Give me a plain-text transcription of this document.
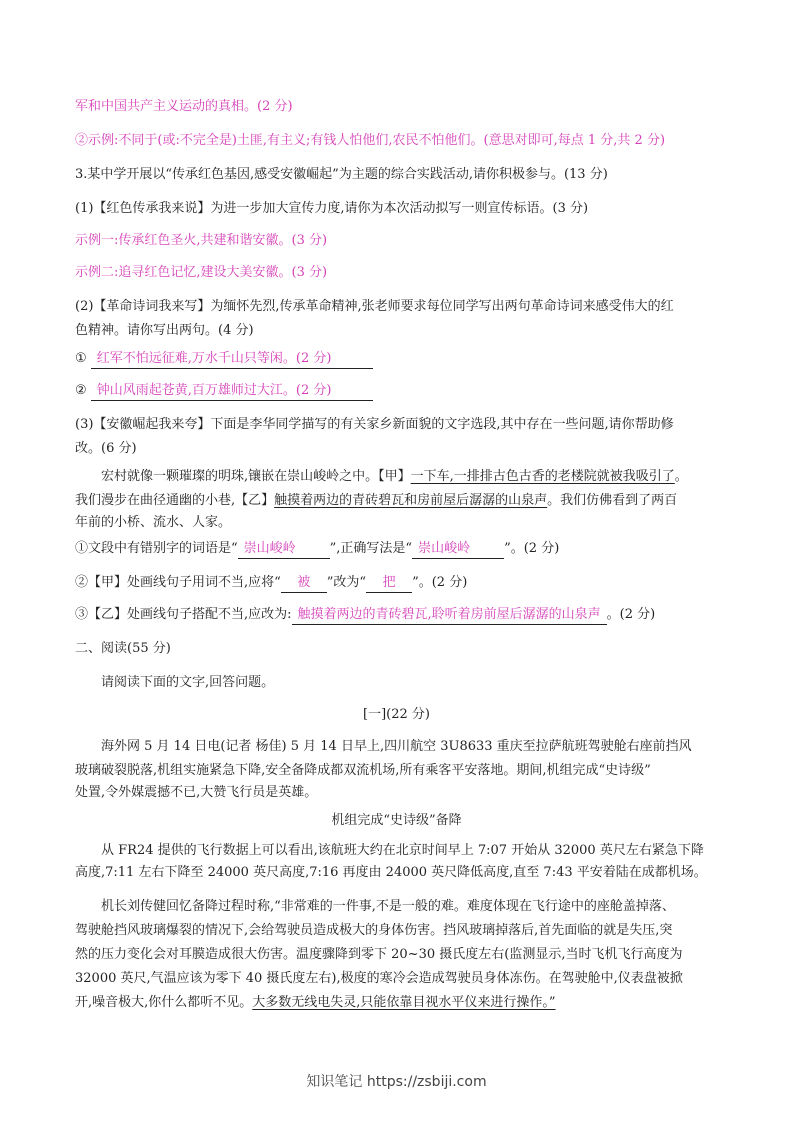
军和中国共产主义运动的真相。(2 分)
②示例:不同于(或:不完全是)土匪,有主义;有钱人怕他们,农民不怕他们。(意思对即可,每点 1 分,共 2 分)
3.某中学开展以“传承红色基因,感受安徽崛起”为主题的综合实践活动,请你积极参与。(13 分)
(1)【红色传承我来说】为进一步加大宣传力度,请你为本次活动拟写一则宣传标语。(3 分)
示例一:传承红色圣火,共建和谐安徽。(3 分)
示例二:追寻红色记忆,建设大美安徽。(3 分)
(2)【革命诗词我来写】为缅怀先烈,传承革命精神,张老师要求每位同学写出两句革命诗词来感受伟大的红
色精神。请你写出两句。(4 分)
① 红军不怕远征难,万水千山只等闲。(2 分)
② 钟山风雨起苍黄,百万雄师过大江。(2 分)
(3)【安徽崛起我来夸】下面是李华同学描写的有关家乡新面貌的文字选段,其中存在一些问题,请你帮助修
改。(6 分)
宏村就像一颗璀璨的明珠,镶嵌在崇山峻岭之中。【甲】一下车,一排排古色古香的老楼院就被我吸引了。
我们漫步在曲径通幽的小巷,【乙】触摸着两边的青砖碧瓦和房前屋后潺潺的山泉声。我们仿佛看到了两百
年前的小桥、流水、人家。
①文段中有错别字的词语是“ 崇山峻岭	”,正确写法是“ 崇山峻岭	”。(2 分)
②【甲】处画线句子用词不当,应将“ 被 ”改为“ 把 ”。(2 分)
③【乙】处画线句子搭配不当,应改为: 触摸着两边的青砖碧瓦,聆听着房前屋后潺潺的山泉声 。(2 分)
二、阅读(55 分)
请阅读下面的文字,回答问题。
[一](22 分)
海外网 5 月 14 日电(记者 杨佳) 5 月 14 日早上,四川航空 3U8633 重庆至拉萨航班驾驶舱右座前挡风
玻璃破裂脱落,机组实施紧急下降,安全备降成都双流机场,所有乘客平安落地。期间,机组完成“史诗级”
处置,令外媒震撼不已,大赞飞行员是英雄。
机组完成“史诗级”备降
从 FR24 提供的飞行数据上可以看出,该航班大约在北京时间早上 7:07 开始从 32000 英尺左右紧急下降
高度,7:11 左右下降至 24000 英尺高度,7:16 再度由 24000 英尺降低高度,直至 7:43 平安着陆在成都机场。
机长刘传健回忆备降过程时称,“非常难的一件事,不是一般的难。难度体现在飞行途中的座舱盖掉落、
驾驶舱挡风玻璃爆裂的情况下,会给驾驶员造成极大的身体伤害。挡风玻璃掉落后,首先面临的就是失压,突
然的压力变化会对耳膜造成很大伤害。温度骤降到零下 20~30 摄氏度左右(监测显示,当时飞机飞行高度为
32000 英尺,气温应该为零下 40 摄氏度左右),极度的寒冷会造成驾驶员身体冻伤。在驾驶舱中,仪表盘被掀
开,噪音极大,你什么都听不见。大多数无线电失灵,只能依靠目视水平仪来进行操作。”
知识笔记 https://zsbiji.com
